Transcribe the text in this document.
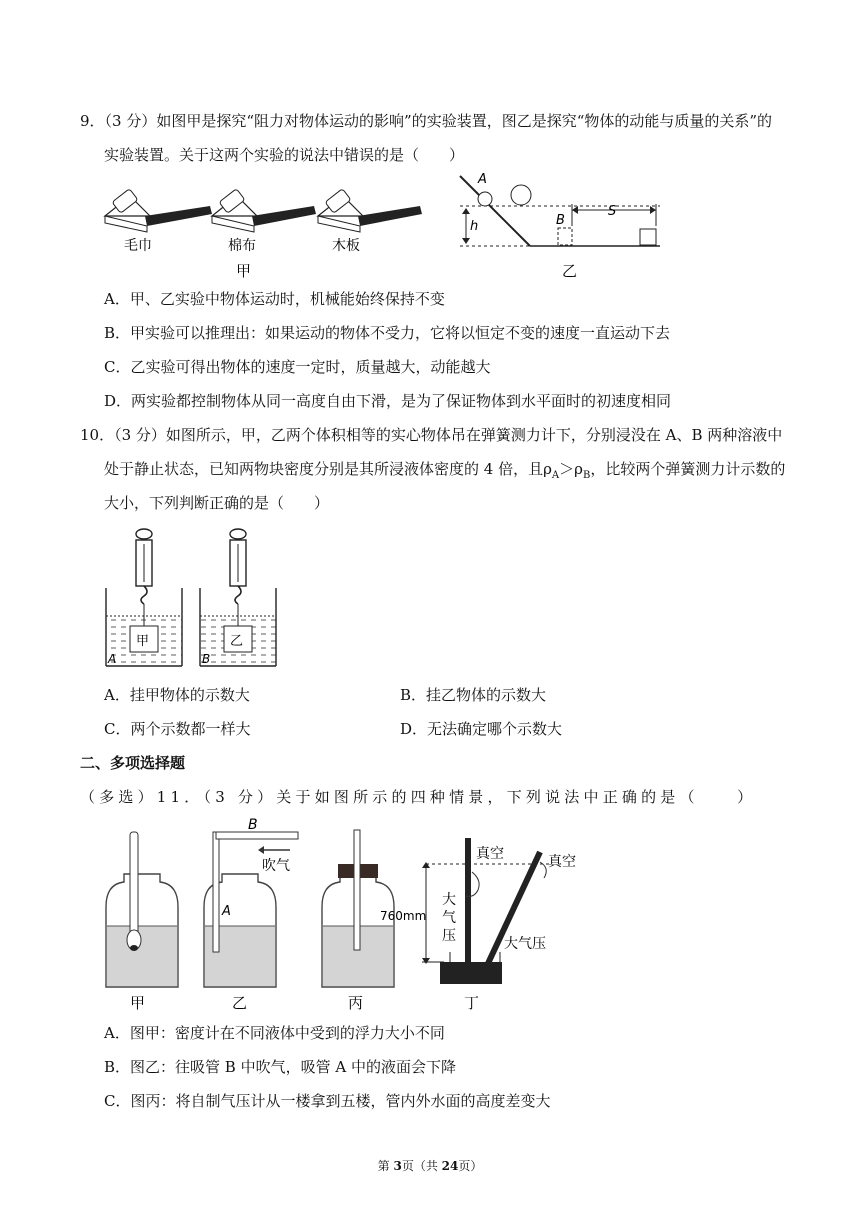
9．（3 分）如图甲是探究“阻力对物体运动的影响”的实验装置，图乙是探究“物体的动能与质量的关系”的
实验装置。关于这两个实验的说法中错误的是（　　）
毛巾	棉布	木板
甲
A
B
h
S
乙
A．甲、乙实验中物体运动时，机械能始终保持不变
B．甲实验可以推理出：如果运动的物体不受力，它将以恒定不变的速度一直运动下去
C．乙实验可得出物体的速度一定时，质量越大，动能越大
D．两实验都控制物体从同一高度自由下滑，是为了保证物体到水平面时的初速度相同
10．（3 分）如图所示，甲，乙两个体积相等的实心物体吊在弹簧测力计下，分别浸没在 A、B 两种溶液中
处于静止状态，已知两物块密度分别是其所浸液体密度的 4 倍，且$\rho_A>\rho_B$，比较两个弹簧测力计示数的
大小，下列判断正确的是（　　）
甲	乙
A	B
A．挂甲物体的示数大	B．挂乙物体的示数大
C．两个示数都一样大	D．无法确定哪个示数大
二、多项选择题
（多选）11．（3 分）关于如图所示的四种情景，下列说法中正确的是（　　）
甲	乙	丙	丁
B
A
吹气
真空	真空
760mm
大
气
压	大气压
A．图甲：密度计在不同液体中受到的浮力大小不同
B．图乙：往吸管 B 中吹气，吸管 A 中的液面会下降
C．图丙：将自制气压计从一楼拿到五楼，管内外水面的高度差变大
第 3页（共 24页）
